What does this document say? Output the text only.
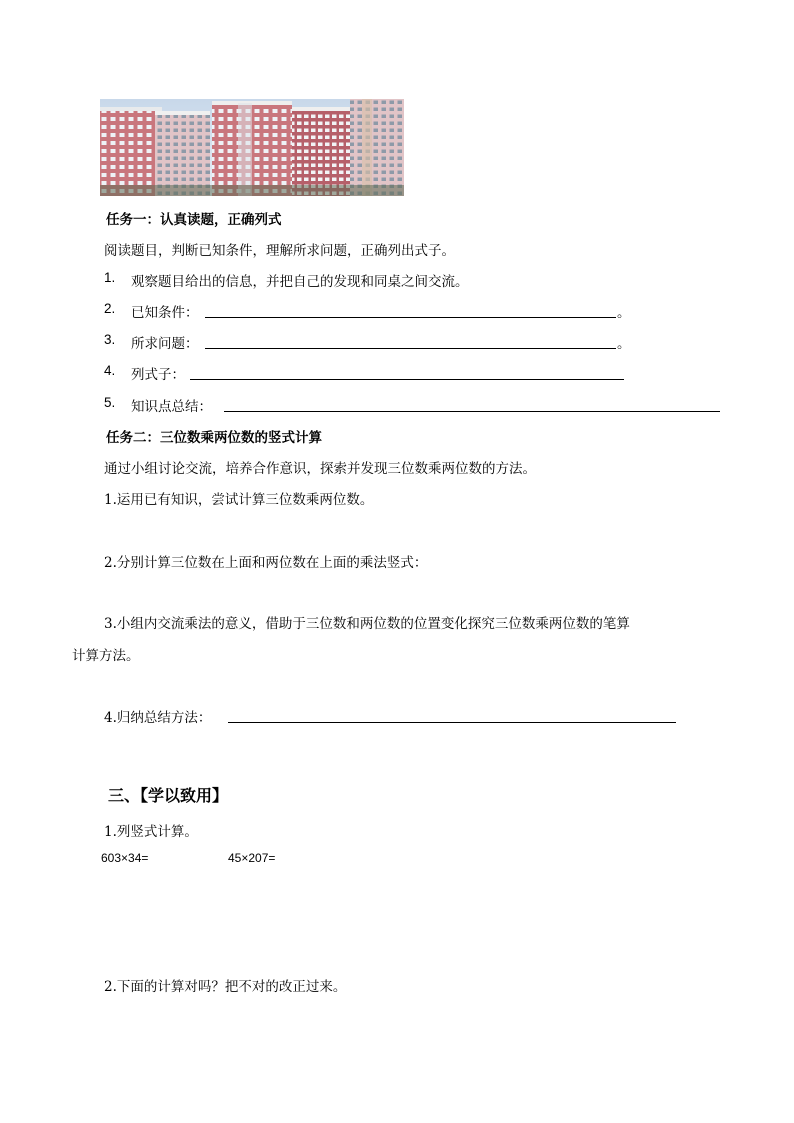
任务一：认真读题，正确列式
阅读题目，判断已知条件，理解所求问题，正确列出式子。
1. 观察题目给出的信息，并把自己的发现和同桌之间交流。
2. 已知条件：	。
3. 所求问题：	。
4. 列式子：
5. 知识点总结：
任务二：三位数乘两位数的竖式计算
通过小组讨论交流，培养合作意识，探索并发现三位数乘两位数的方法。
1.运用已有知识，尝试计算三位数乘两位数。
2.分别计算三位数在上面和两位数在上面的乘法竖式：
3.小组内交流乘法的意义，借助于三位数和两位数的位置变化探究三位数乘两位数的笔算
计算方法。
4.归纳总结方法：
三、【学以致用】
1.列竖式计算。
603×34=	45×207=
2.下面的计算对吗？把不对的改正过来。
